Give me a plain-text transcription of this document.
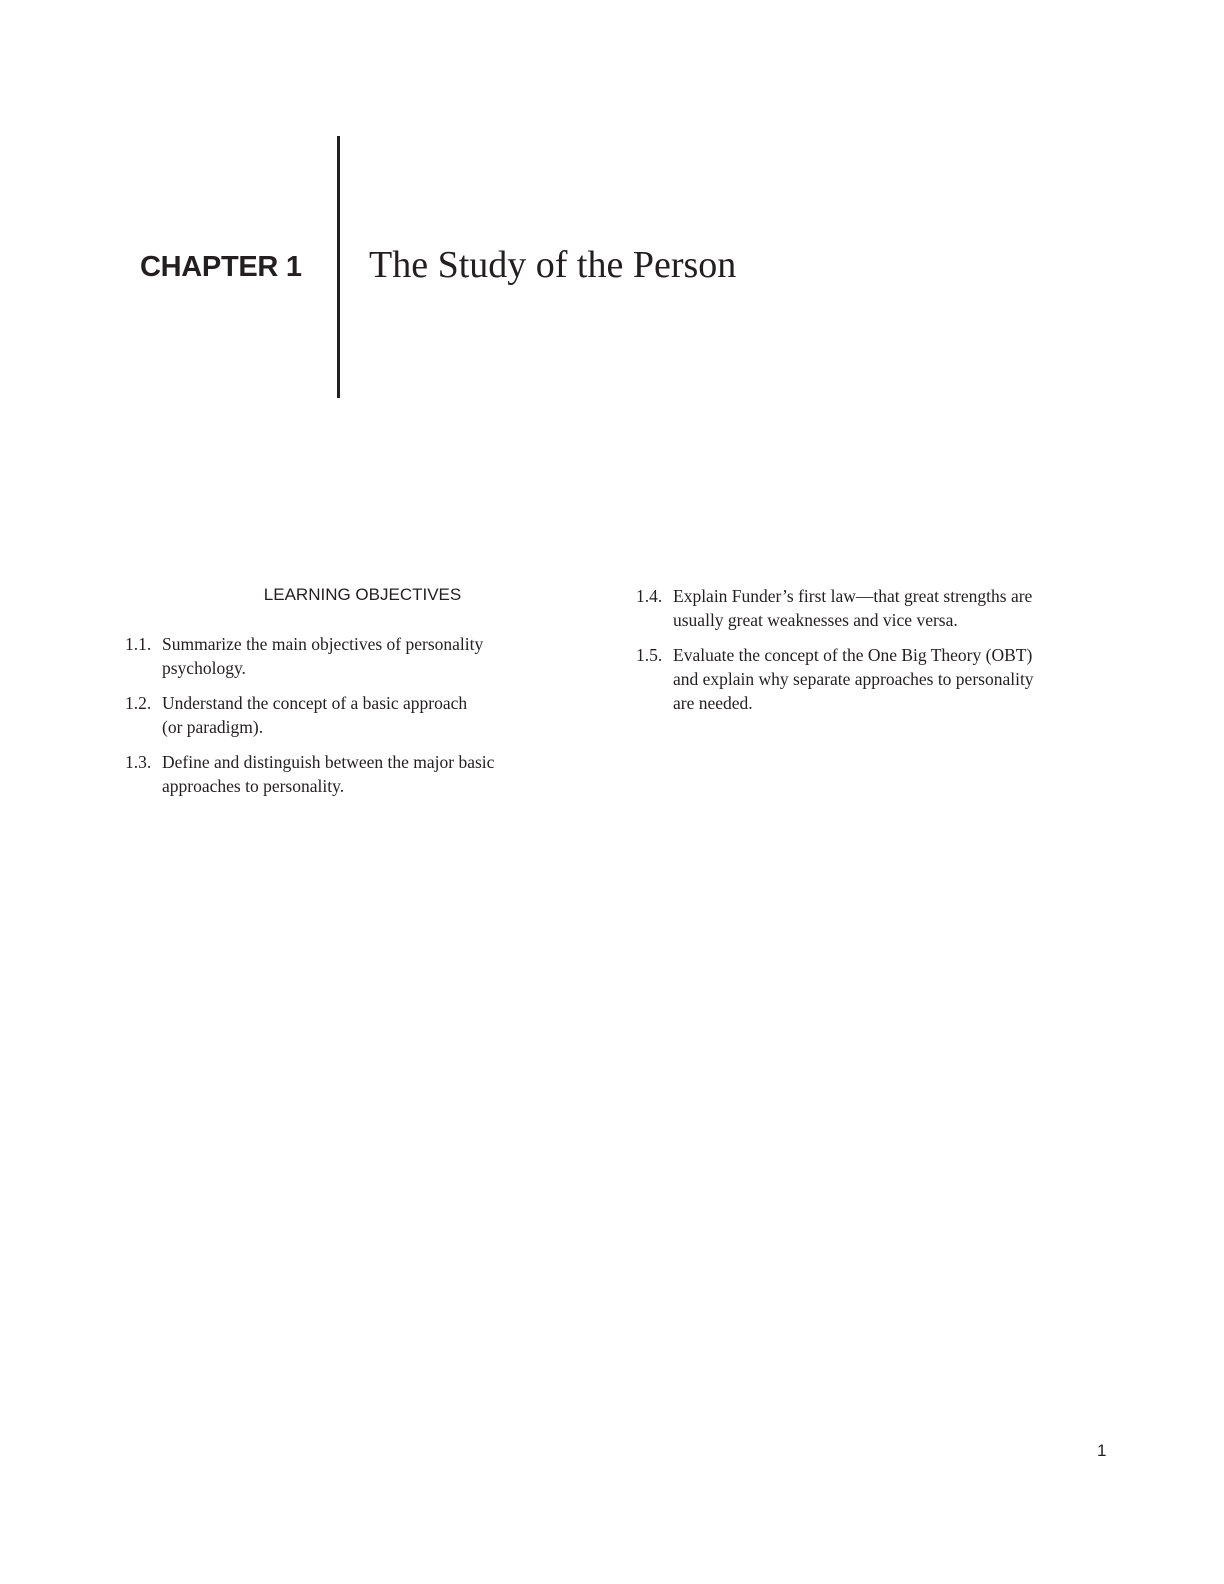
CHAPTER 1 The Study of the Person
LEARNING OBJECTIVES
1.1. Summarize the main objectives of personality
psychology.
1.2. Understand the concept of a basic approach
(or paradigm).
1.3. Define and distinguish between the major basic
approaches to personality.
1.4. Explain Funder’s first law—that great strengths are
usually great weaknesses and vice versa.
1.5. Evaluate the concept of the One Big Theory (OBT)
and explain why separate approaches to personality
are needed.
1
